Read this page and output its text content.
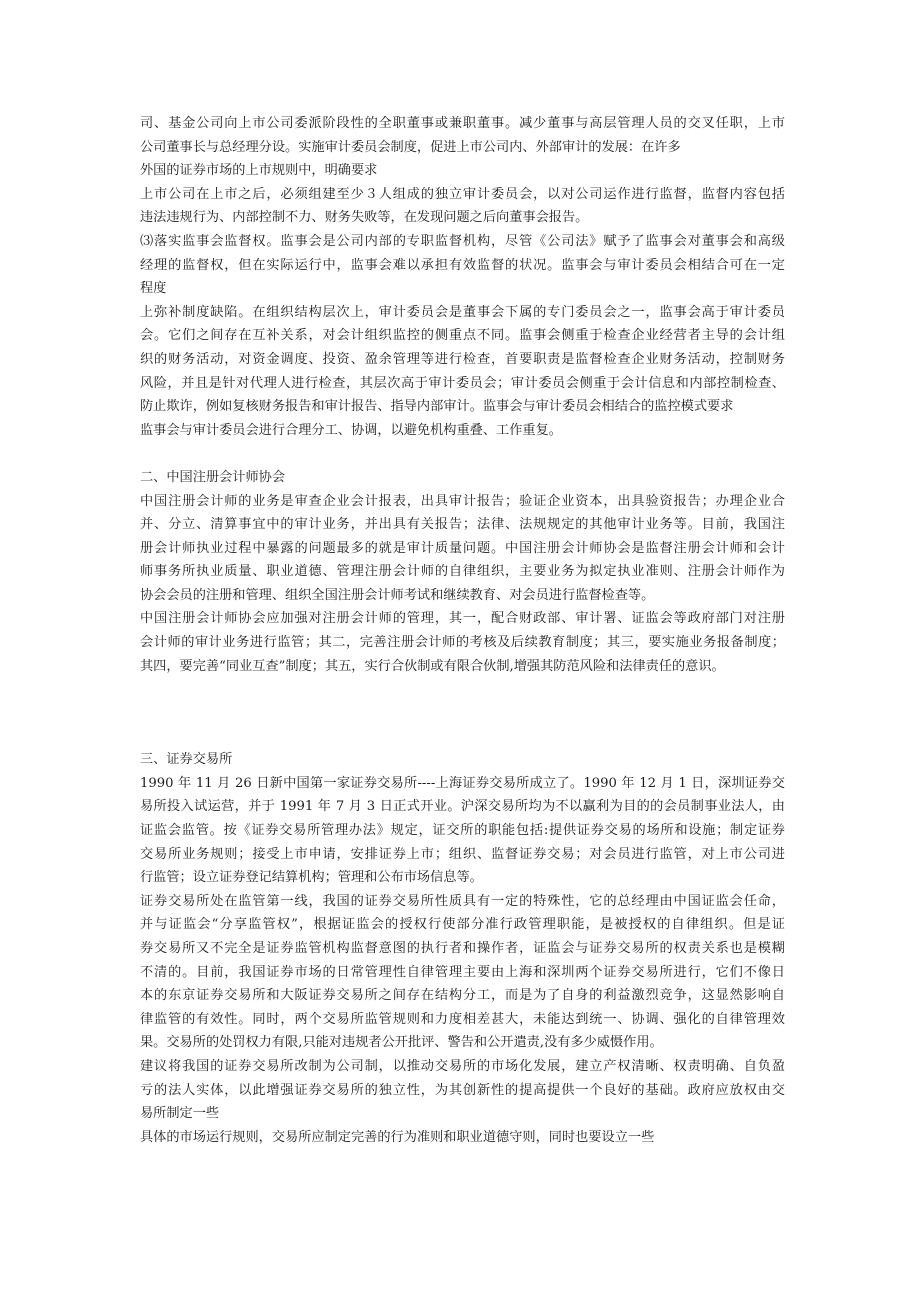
司、基金公司向上市公司委派阶段性的全职董事或兼职董事。减少董事与高层管理人员的交叉任职，上市
公司董事长与总经理分设。实施审计委员会制度，促进上市公司内、外部审计的发展：在许多
外国的证券市场的上市规则中，明确要求
上市公司在上市之后，必须组建至少３人组成的独立审计委员会，以对公司运作进行监督，监督内容包括
违法违规行为、内部控制不力、财务失败等，在发现问题之后向董事会报告。
⑶落实监事会监督权。监事会是公司内部的专职监督机构，尽管《公司法》赋予了监事会对董事会和高级
经理的监督权，但在实际运行中，监事会难以承担有效监督的状况。监事会与审计委员会相结合可在一定
程度
上弥补制度缺陷。在组织结构层次上，审计委员会是董事会下属的专门委员会之一，监事会高于审计委员
会。它们之间存在互补关系，对会计组织监控的侧重点不同。监事会侧重于检查企业经营者主导的会计组
织的财务活动，对资金调度、投资、盈余管理等进行检查，首要职责是监督检查企业财务活动，控制财务
风险，并且是针对代理人进行检查，其层次高于审计委员会；审计委员会侧重于会计信息和内部控制检查、
防止欺诈，例如复核财务报告和审计报告、指导内部审计。监事会与审计委员会相结合的监控模式要求
监事会与审计委员会进行合理分工、协调，以避免机构重叠、工作重复。
二、中国注册会计师协会
中国注册会计师的业务是审查企业会计报表，出具审计报告；验证企业资本，出具验资报告；办理企业合
并、分立、清算事宜中的审计业务，并出具有关报告；法律、法规规定的其他审计业务等。目前，我国注
册会计师执业过程中暴露的问题最多的就是审计质量问题。中国注册会计师协会是监督注册会计师和会计
师事务所执业质量、职业道德、管理注册会计师的自律组织，主要业务为拟定执业准则、注册会计师作为
协会会员的注册和管理、组织全国注册会计师考试和继续教育、对会员进行监督检查等。
中国注册会计师协会应加强对注册会计师的管理，其一，配合财政部、审计署、证监会等政府部门对注册
会计师的审计业务进行监管；其二，完善注册会计师的考核及后续教育制度；其三，要实施业务报备制度；
其四，要完善“同业互查”制度；其五，实行合伙制或有限合伙制,增强其防范风险和法律责任的意识。
三、证券交易所
1990 年 11 月 26 日新中国第一家证券交易所----上海证券交易所成立了。1990 年 12 月 1 日，深圳证券交
易所投入试运营，并于 1991 年 7 月 3 日正式开业。沪深交易所均为不以赢利为目的的会员制事业法人，由
证监会监管。按《证券交易所管理办法》规定，证交所的职能包括:提供证券交易的场所和设施；制定证券
交易所业务规则；接受上市申请，安排证券上市；组织、监督证券交易；对会员进行监管，对上市公司进
行监管；设立证券登记结算机构；管理和公布市场信息等。
证券交易所处在监管第一线，我国的证券交易所性质具有一定的特殊性，它的总经理由中国证监会任命，
并与证监会“分享监管权”，根据证监会的授权行使部分准行政管理职能，是被授权的自律组织。但是证
券交易所又不完全是证券监管机构监督意图的执行者和操作者，证监会与证券交易所的权责关系也是模糊
不清的。目前，我国证券市场的日常管理性自律管理主要由上海和深圳两个证券交易所进行，它们不像日
本的东京证券交易所和大阪证券交易所之间存在结构分工，而是为了自身的利益激烈竞争，这显然影响自
律监管的有效性。同时，两个交易所监管规则和力度相差甚大，未能达到统一、协调、强化的自律管理效
果。交易所的处罚权力有限,只能对违规者公开批评、警告和公开遣责,没有多少威慑作用。
建议将我国的证券交易所改制为公司制，以推动交易所的市场化发展，建立产权清晰、权责明确、自负盈
亏的法人实体，以此增强证券交易所的独立性，为其创新性的提高提供一个良好的基础。政府应放权由交
易所制定一些
具体的市场运行规则，交易所应制定完善的行为准则和职业道德守则，同时也要设立一些
